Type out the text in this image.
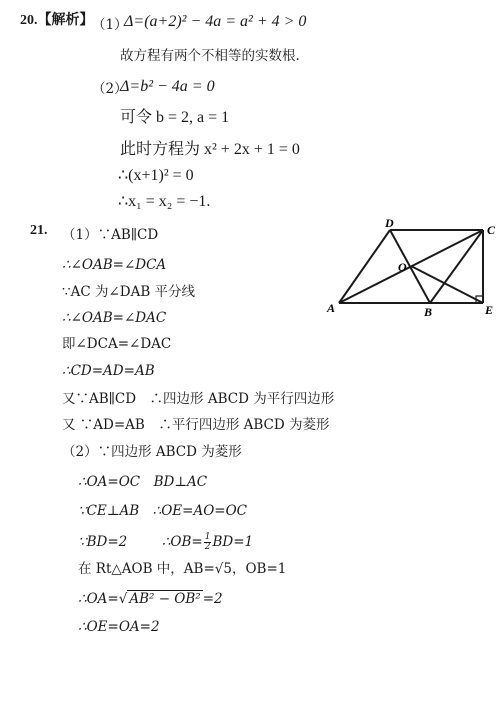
20.【解析】
（1）
Δ=(a+2)² − 4a = a² + 4 > 0
故方程有两个不相等的实数根.
（2）
Δ=b² − 4a = 0
可令 b = 2, a = 1
此时方程为 x² + 2x + 1 = 0
∴(x+1)² = 0
∴x₁ = x₂ = −1.
21. （1）∵AB∥CD
∴∠OAB=∠DCA
∵AC 为∠DAB 平分线
∴∠OAB=∠DAC
即∠DCA=∠DAC
∴CD=AD=AB
又∵AB∥CD　∴四边形 ABCD 为平行四边形
又 ∵AD=AB　∴平行四边形 ABCD 为菱形
（2）∵四边形 ABCD 为菱形
∴OA=OC　BD⊥AC
∵CE⊥AB　∴OE=AO=OC
∵BD=2	∴OB= $\frac{1}{2} BD=1$
在 Rt△AOB 中，AB=√5，OB=1
∴OA=√ AB² − OB² =2
∴OE=OA=2
D	C
O
A	B	E
